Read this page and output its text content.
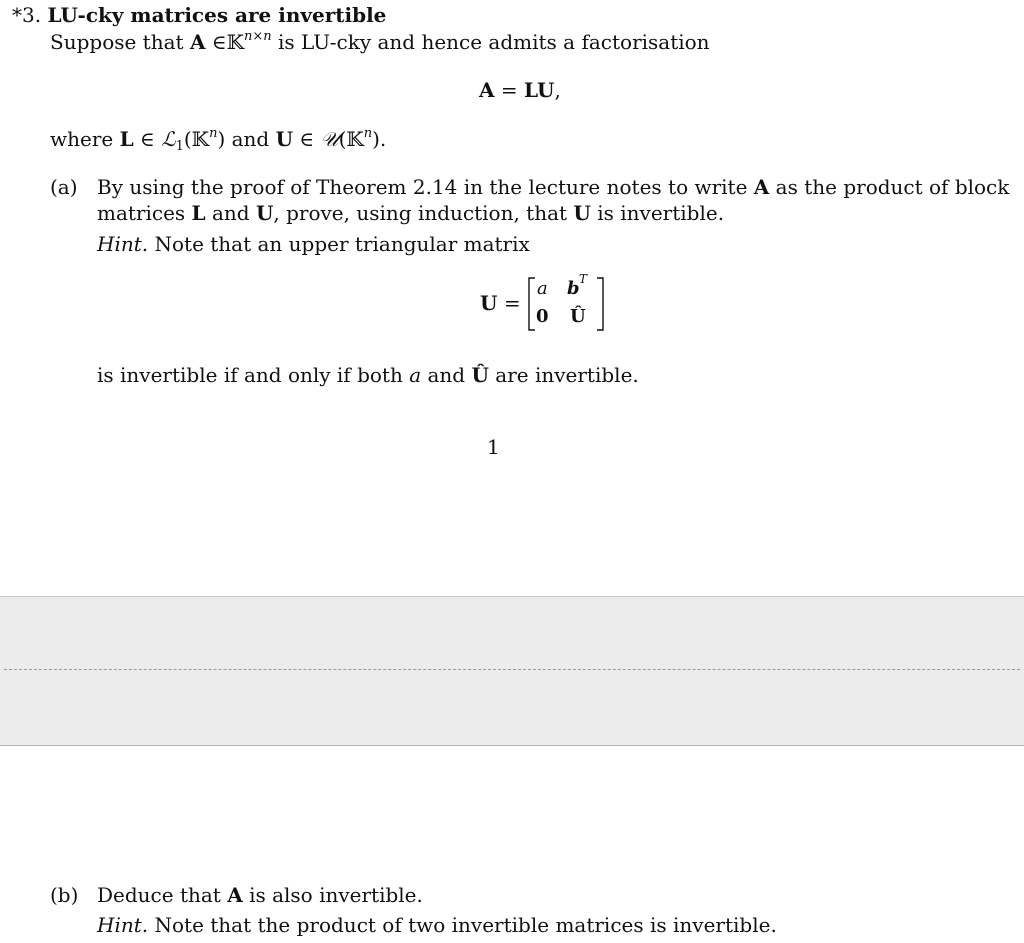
*3. LU-cky matrices are invertible
Suppose that A ∈𝕂$^{n\times n}$ is LU-cky and hence admits a factorisation
A = LU,
where L ∈ ℒ$_1$(𝕂$^n$) and U ∈ 𝒰(𝕂$^n$).
(a) By using the proof of Theorem 2.14 in the lecture notes to write A as the product of block
matrices L and U, prove, using induction, that U is invertible.
Hint. Note that an upper triangular matrix
U =
a b T
0 Û
is invertible if and only if both a and Û are invertible.
1
(b) Deduce that A is also invertible.
Hint. Note that the product of two invertible matrices is invertible.
